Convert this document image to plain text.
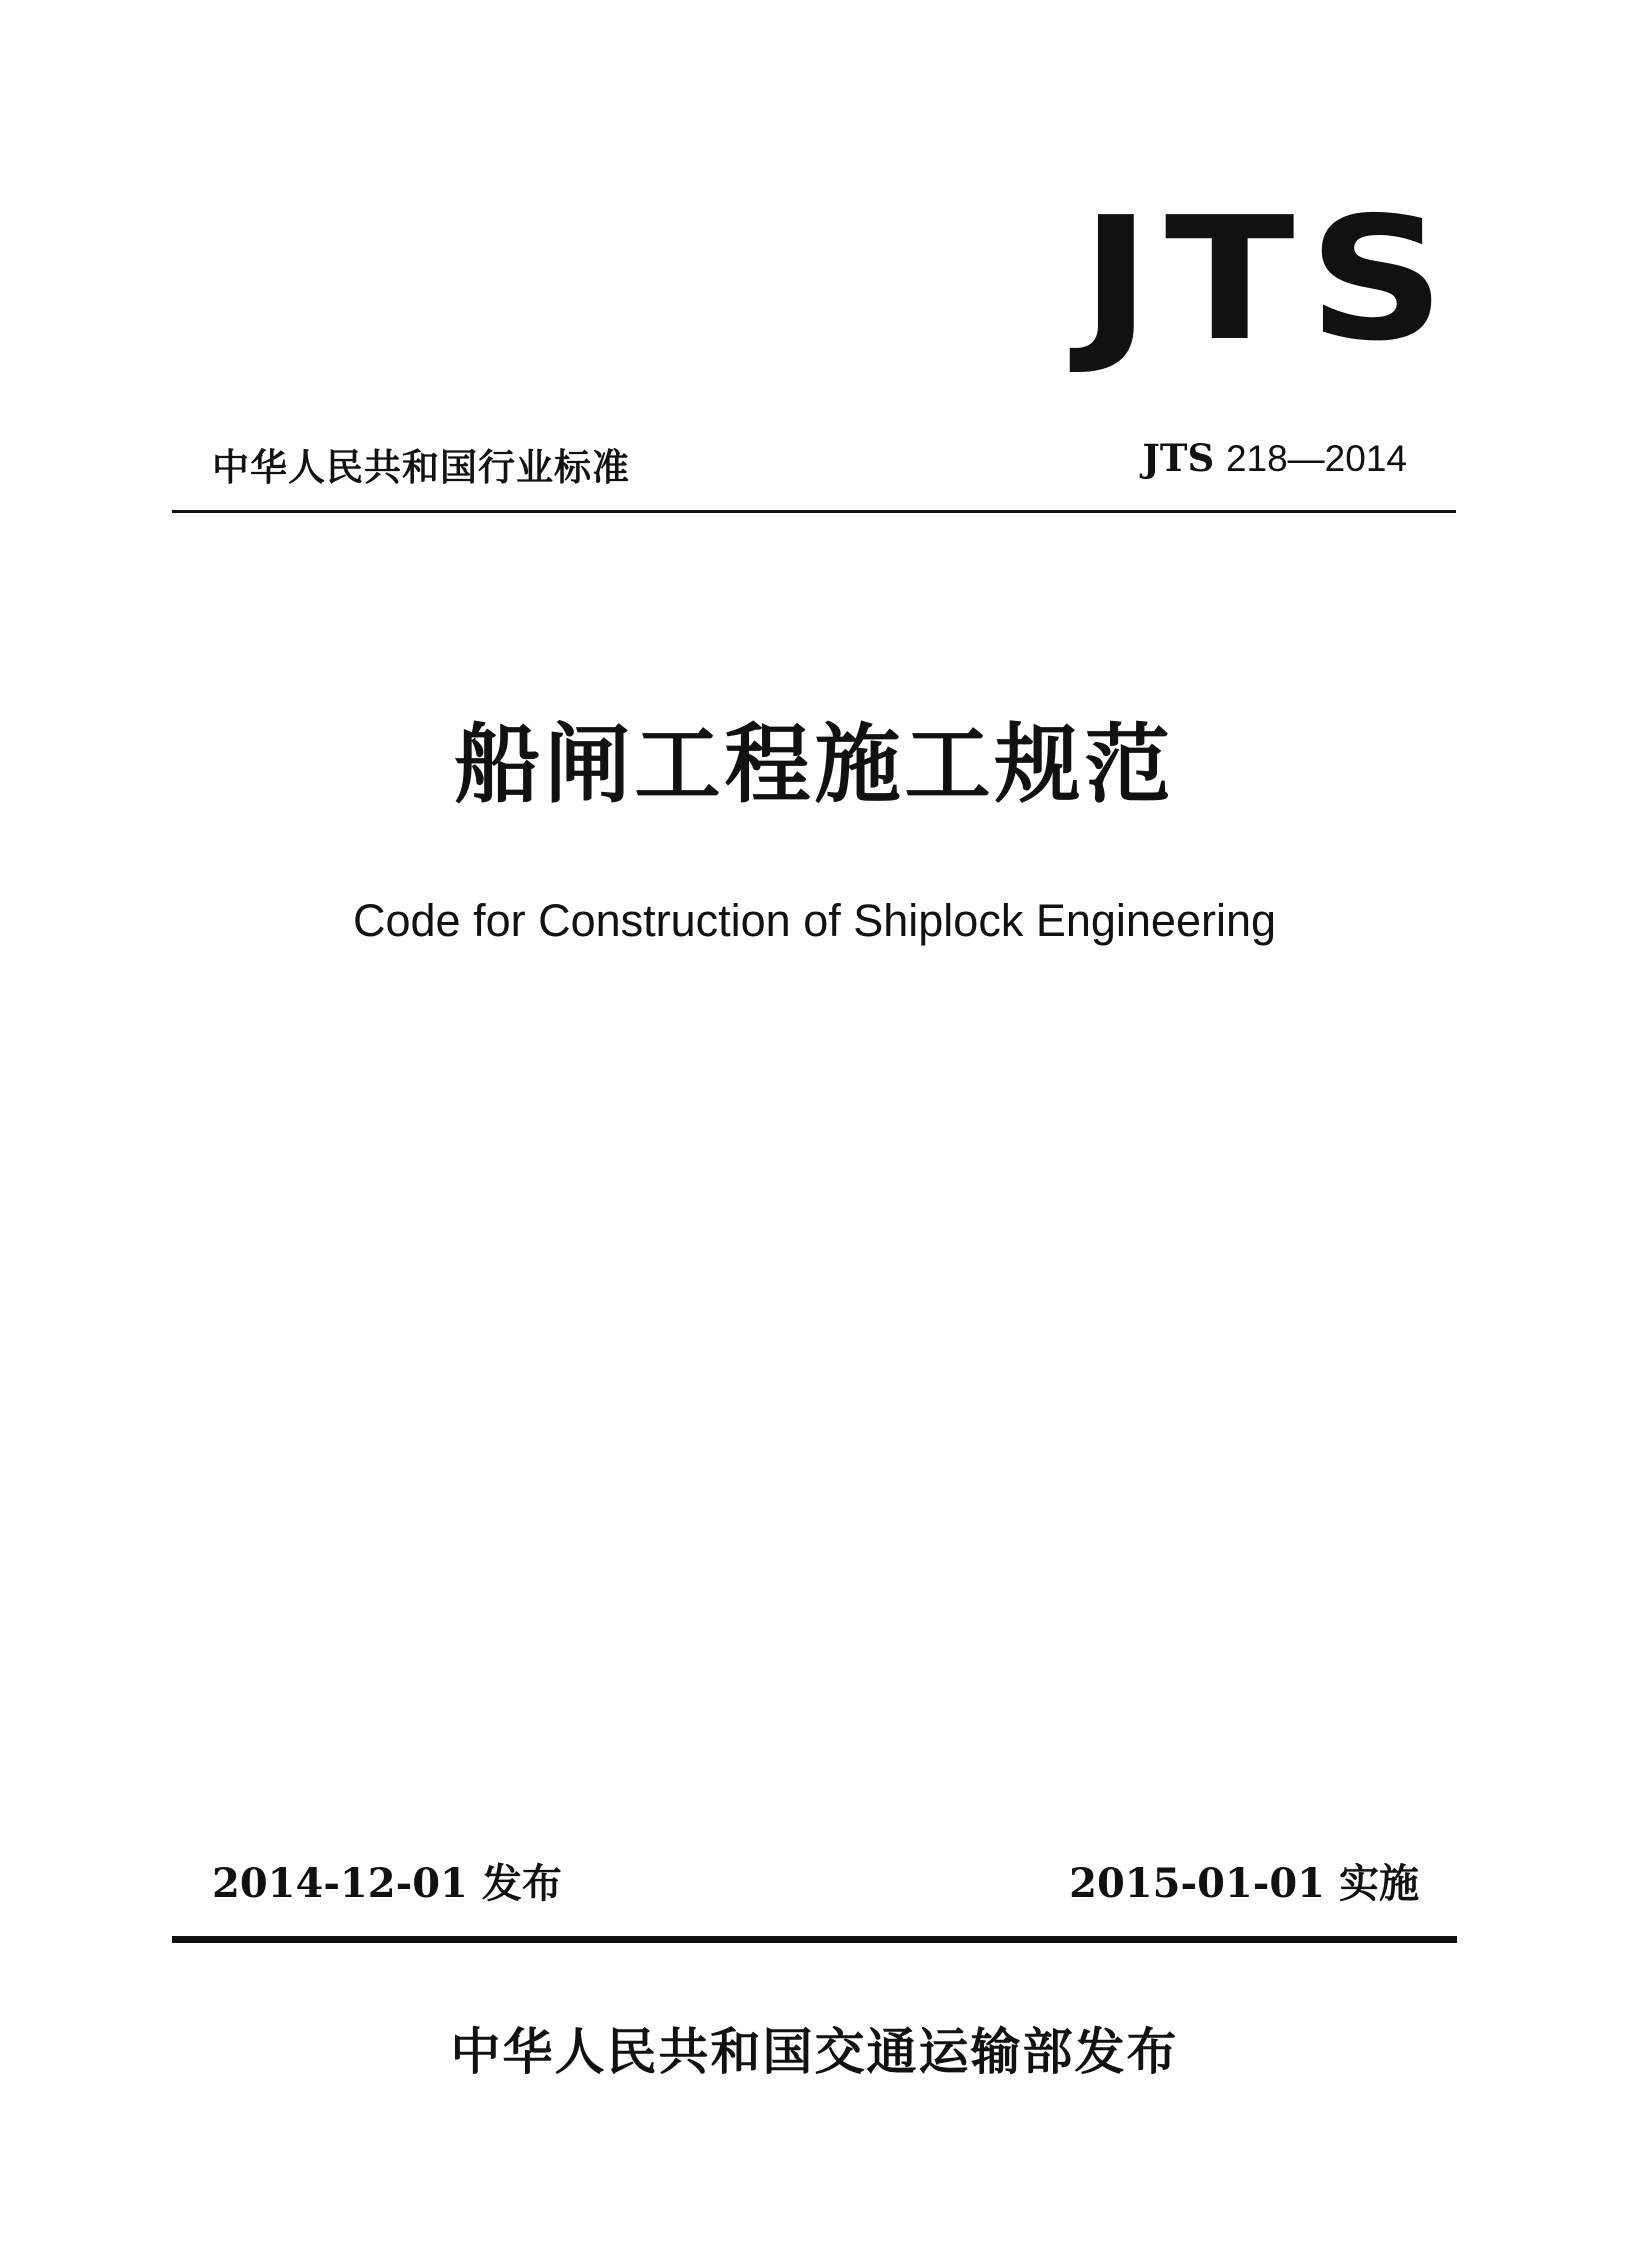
JTS
中华人民共和国行业标准	JTS 218—2014
船闸工程施工规范
Code for Construction of Shiplock Engineering
2014-12-01 发布	2015-01-01 实施
中华人民共和国交通运输部发布
